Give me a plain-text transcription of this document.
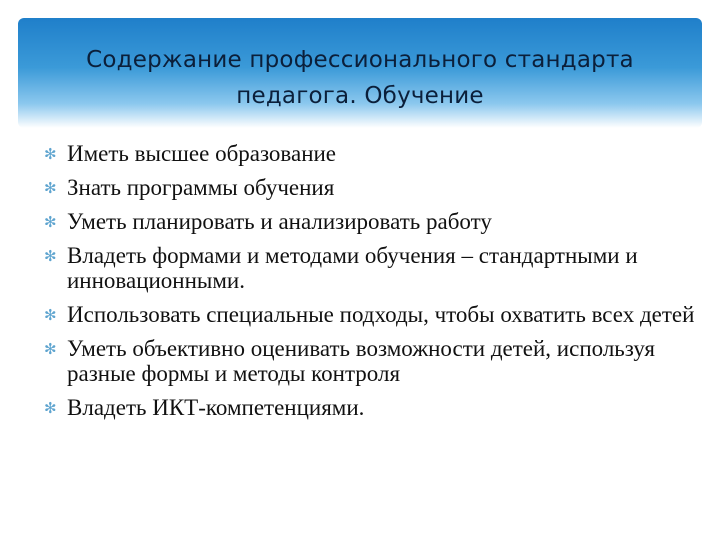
Содержание профессионального стандарта
педагога. Обучение
✻ Иметь высшее образование
✻ Знать программы обучения
✻ Уметь планировать и анализировать работу
✻ Владеть формами и методами обучения – стандартными и инновационными.
✻ Использовать специальные подходы, чтобы охватить всех детей
✻ Уметь объективно оценивать возможности детей, используя разные формы и методы контроля
✻ Владеть ИКТ-компетенциями.
